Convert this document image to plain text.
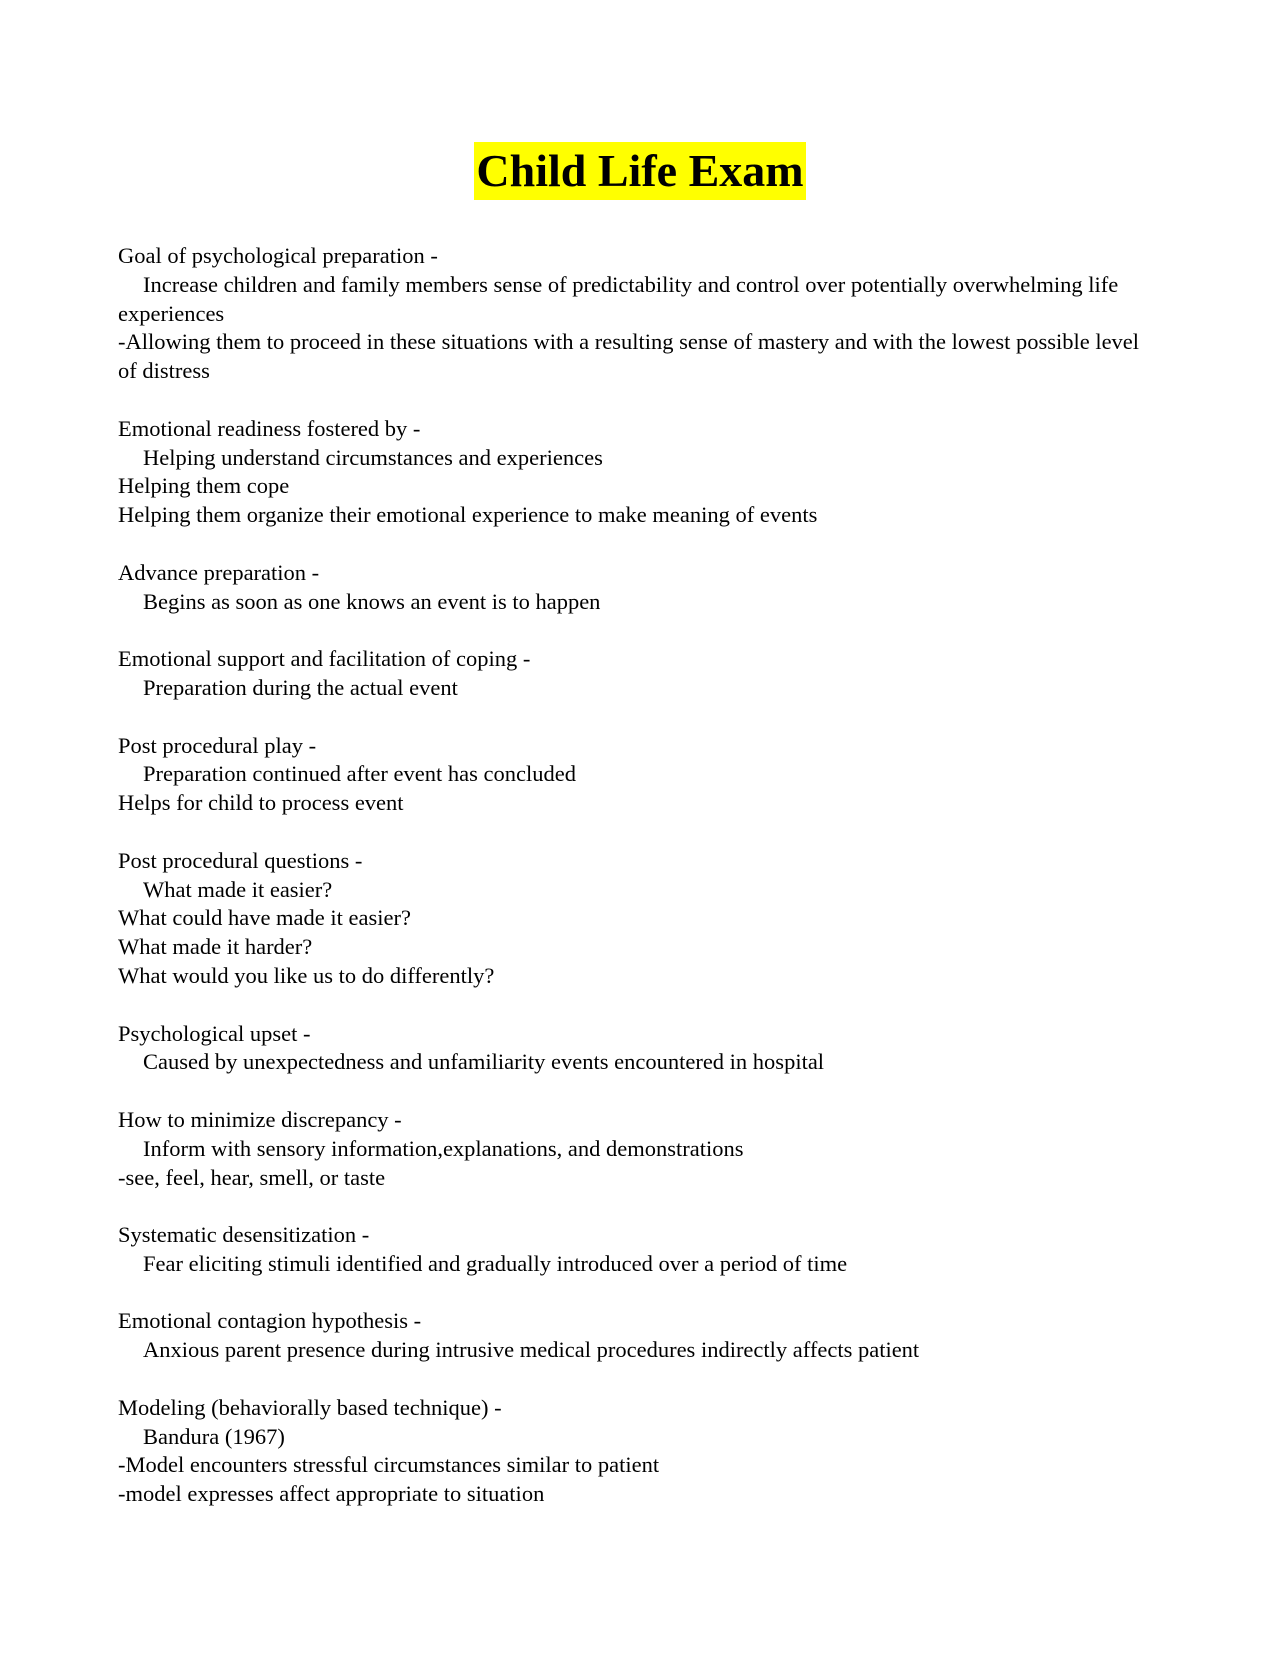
Child Life Exam
Goal of psychological preparation -
Increase children and family members sense of predictability and control over potentially overwhelming life experiences
-Allowing them to proceed in these situations with a resulting sense of mastery and with the lowest possible level of distress
Emotional readiness fostered by -
Helping understand circumstances and experiences
Helping them cope
Helping them organize their emotional experience to make meaning of events
Advance preparation -
Begins as soon as one knows an event is to happen
Emotional support and facilitation of coping -
Preparation during the actual event
Post procedural play -
Preparation continued after event has concluded
Helps for child to process event
Post procedural questions -
What made it easier?
What could have made it easier?
What made it harder?
What would you like us to do differently?
Psychological upset -
Caused by unexpectedness and unfamiliarity events encountered in hospital
How to minimize discrepancy -
Inform with sensory information,explanations, and demonstrations
-see, feel, hear, smell, or taste
Systematic desensitization -
Fear eliciting stimuli identified and gradually introduced over a period of time
Emotional contagion hypothesis -
Anxious parent presence during intrusive medical procedures indirectly affects patient
Modeling (behaviorally based technique) -
Bandura (1967)
-Model encounters stressful circumstances similar to patient
-model expresses affect appropriate to situation
